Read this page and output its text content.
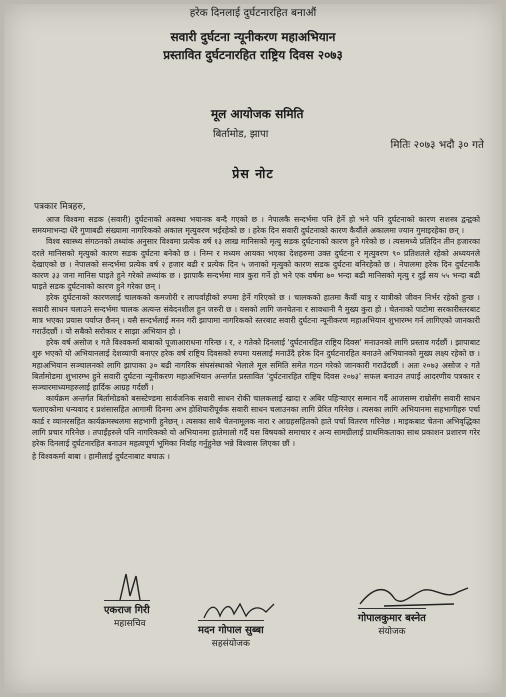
हरेक दिनलाई दुर्घटनारहित बनाऔं
सवारी दुर्घटना न्यूनीकरण महाअभियान
प्रस्तावित दुर्घटनारहित राष्ट्रिय दिवस २०७३
मूल आयोजक समिति
बिर्तामोड, झापा
मितिः २०७३ भदौ ३० गते
प्रेस नोट
पत्रकार मित्रहरु,

आज विश्वमा सडक (सवारी) दुर्घटनाको अवस्था भयानक बन्दै गएको छ । नेपालकै सन्दर्भमा पनि हेर्ने हो भने पनि दुर्घटनाको कारण सशस्त्र द्वन्द्वको समयमाभन्दा धेरै गुणाबढी संख्यामा नागरिकको अकाल मृत्युवरण भईरहेको छ । हरेक दिन सवारी दुर्घटनाको कारण कैयौंले अकालमा ज्यान गुमाइरहेका छन् ।

विश्व स्वास्थ्य संगठनको तथ्यांक अनुसार विश्वमा प्रत्येक वर्ष १३ लाख मानिसको मृत्यु सडक दुर्घटनाको कारण हुने गरेको छ । त्यसमध्ये प्रतिदिन तीन हजारका दरले मानिसको मृत्युको कारण सडक दुर्घटना बनेको छ । निम्न र मध्यम आयका भएका देशहरुमा उक्त दुर्घटना र मृत्युवरण ९० प्रतिशतले रहेको अध्ययनले देखाएको छ । नेपालको सन्दर्भमा प्रत्येक वर्ष २ हजार बढी र प्रत्येक दिन ५ जनाको मृत्युको कारण सडक दुर्घटना बनिरहेको छ । नेपालमा हरेक दिन दुर्घटनाकै कारण ३३ जना मानिस घाइते हुने गरेको तथ्यांक छ । झापाकै सन्दर्भमा मात्र कुरा गर्ने हो भने एक वर्षमा ७० भन्दा बढी मानिसको मृत्यु र दुई सय ५५ भन्दा बढी घाइते सडक दुर्घटनाको कारण हुने गरेका छन् ।

हरेक दुर्घटनाको कारणलाई चालकको कमजोरी र लापर्वाहीको रुपमा हेर्ने गरिएको छ । चालकको हातमा कैयौं यात्रु र यात्रीको जीवन निर्भर रहेको हुन्छ । सवारी साधन चलाउने सन्दर्भमा चालक अत्यन्त संवेदनशील हुन जरुरी छ । यसको लागि जनचेतना र सावधानी नै मुख्य कुरा हो । चेतनाको पाटोमा सरकारीस्तरबाट मात्र भएका प्रयास पर्याप्त छैनन् । यसै सन्दर्भलाई मनन गरी झापामा नागरिकको स्तरबाट सवारी दुर्घटना न्यूनीकरण महाअभियान शुभारम्भ गर्न लागिएको जानकारी गराउँदछौं । यो सबैको सरोकार र साझा अभियान हो ।

हरेक वर्ष असोज १ गते विश्वकर्मा बाबाको पूजाआराधना गरिन्छ । र, २ गतेको दिनलाई 'दुर्घटनारहित राष्ट्रिय दिवस' मनाउनको लागि प्रस्ताव गर्दछौं । झापाबाट शुरु भएको यो अभियानलाई देशव्यापी बनाएर हरेक वर्ष राष्ट्रिय दिवसको रुपमा यसलाई मनाउँदै हरेक दिन दुर्घटनारहित बनाउने अभियानको मुख्य लक्ष्य रहेको छ । महाअभियान सञ्चालनको लागि झापाका ३० बढी नागरिक संघसंस्थाको भेलाले मूल समिति समेत गठन गरेको जानकारी गराउँदछौं । अतः २०७३ असोज २ गते बिर्तामोडमा शुभारम्भ हुने सवारी दुर्घटना न्यूनीकरण महाअभियान अन्तर्गत प्रस्तावित 'दुर्घटनारहित राष्ट्रिय दिवस २०७३' सफल बनाउन तपाईं आदरणीय पत्रकार र सञ्चारमाध्यमहरुलाई हार्दिक आग्रह गर्दछौं ।

कार्यक्रम अन्तर्गत बिर्तामोडको बसस्टेण्डमा सार्वजनिक सवारी साधन रोकी चालकलाई खादा र अबिर पहिऱ्याएर सम्मान गर्दै आजसम्म राम्रोसँग सवारी साधन चलाएकोमा धन्यवाद र प्रशंसासहित आगामी दिनमा अभ होशियारीपूर्वक सवारी साधन चलाउनका लागि प्रेरित गरिनेछ । त्यसका लागि अभियानमा सहभागीहरु पर्चा कार्ड र व्यानरसहित कार्यक्रमस्थलमा सहभागी हुनेछन् । त्यसका साथै चेतनामूलक नारा र आग्रहसहितको हाते पर्चा वितरण गरिनेछ । माइकबाट चेतना अभिवृद्धिका लागि प्रचार गरिनेछ । तपाईंहरुले पनि नागरिकको यो अभियानमा हातेमालो गर्दै यस विषयको समाचार र अन्य सामग्रीलाई प्राथमिकताका साथ प्रकाशन प्रशारण गरेर हरेक दिनलाई दुर्घटनारहित बनाउन महत्वपूर्ण भूमिका निर्वाह गर्नुहुनेछ भन्ने विश्वास लिएका छौं ।

हे विश्वकर्मा बाबा । हामीलाई दुर्घटनाबाट बचाऊ ।
एकराज गिरी
महासचिव
मदन गोपाल सुब्बा
सहसंयोजक
गोपालकुमार बस्नेत
संयोजक
